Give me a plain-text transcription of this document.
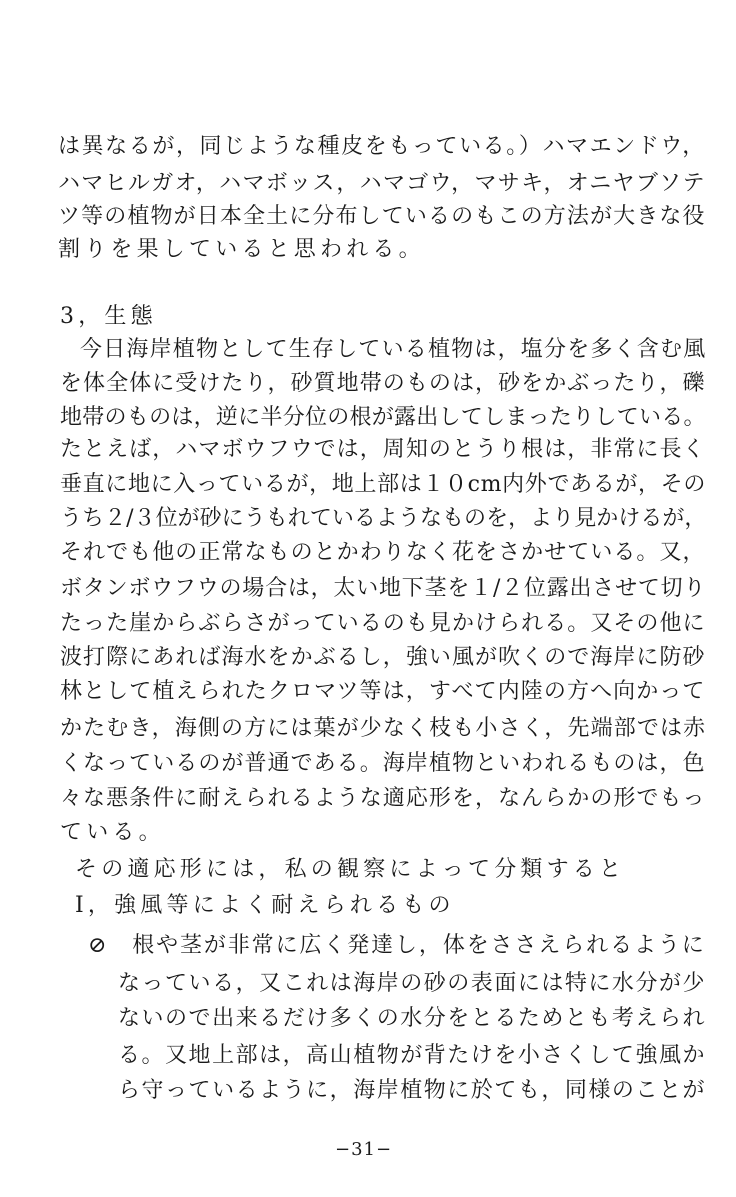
は異なるが，同じような種皮をもっている。）ハマエンドウ，
ハマヒルガオ，ハマボッス，ハマゴウ，マサキ，オニヤブソテ
ツ等の植物が日本全土に分布しているのもこの方法が大きな役
割りを果していると思われる。
3，生態
今日海岸植物として生存している植物は，塩分を多く含む風
を体全体に受けたり，砂質地帯のものは，砂をかぶったり，礫
地帯のものは，逆に半分位の根が露出してしまったりしている。
たとえば，ハマボウフウでは，周知のとうり根は，非常に長く
垂直に地に入っているが，地上部は１０cm内外であるが，その
うち２/３位が砂にうもれているようなものを，より見かけるが，
それでも他の正常なものとかわりなく花をさかせている。又，
ボタンボウフウの場合は，太い地下茎を１/２位露出させて切り
たった崖からぶらさがっているのも見かけられる。又その他に
波打際にあれば海水をかぶるし，強い風が吹くので海岸に防砂
林として植えられたクロマツ等は，すべて内陸の方へ向かって
かたむき，海側の方には葉が少なく枝も小さく，先端部では赤
くなっているのが普通である。海岸植物といわれるものは，色
々な悪条件に耐えられるような適応形を，なんらかの形でもっ
ている。
その適応形には，私の観察によって分類すると
Ⅰ，強風等によく耐えられるもの
⊘　根や茎が非常に広く発達し，体をささえられるように
なっている，又これは海岸の砂の表面には特に水分が少
ないので出来るだけ多くの水分をとるためとも考えられ
る。又地上部は，高山植物が背たけを小さくして強風か
ら守っているように，海岸植物に於ても，同様のことが
−31−
